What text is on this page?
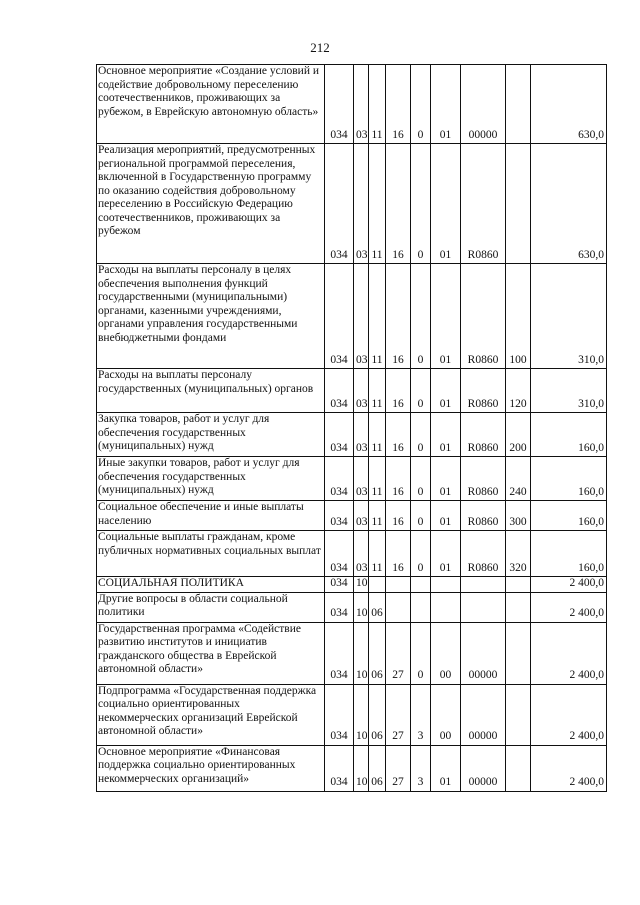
212
Основное мероприятие «Создание условий и содействие добровольному переселению соотечественников, проживающих за рубежом, в Еврейскую автономную область»	034	03	11	16	0	01	00000		630,0
Реализация мероприятий, предусмотренных региональной программой переселения, включенной в Государственную программу по оказанию содействия добровольному переселению в Российскую Федерацию соотечественников, проживающих за рубежом	034	03	11	16	0	01	R0860		630,0
Расходы на выплаты персоналу в целях обеспечения выполнения функций государственными (муниципальными) органами, казенными учреждениями, органами управления государственными внебюджетными фондами	034	03	11	16	0	01	R0860	100	310,0
Расходы на выплаты персоналу государственных (муниципальных) органов	034	03	11	16	0	01	R0860	120	310,0
Закупка товаров, работ и услуг для обеспечения государственных (муниципальных) нужд	034	03	11	16	0	01	R0860	200	160,0
Иные закупки товаров, работ и услуг для обеспечения государственных (муниципальных) нужд	034	03	11	16	0	01	R0860	240	160,0
Социальное обеспечение и иные выплаты населению	034	03	11	16	0	01	R0860	300	160,0
Социальные выплаты гражданам, кроме публичных нормативных социальных выплат	034	03	11	16	0	01	R0860	320	160,0
СОЦИАЛЬНАЯ ПОЛИТИКА	034	10							2 400,0
Другие вопросы в области социальной политики	034	10	06						2 400,0
Государственная программа «Содействие развитию институтов и инициатив гражданского общества в Еврейской автономной области»	034	10	06	27	0	00	00000		2 400,0
Подпрограмма «Государственная поддержка социально ориентированных некоммерческих организаций Еврейской автономной области»	034	10	06	27	3	00	00000		2 400,0
Основное мероприятие «Финансовая поддержка социально ориентированных некоммерческих организаций»	034	10	06	27	3	01	00000		2 400,0
